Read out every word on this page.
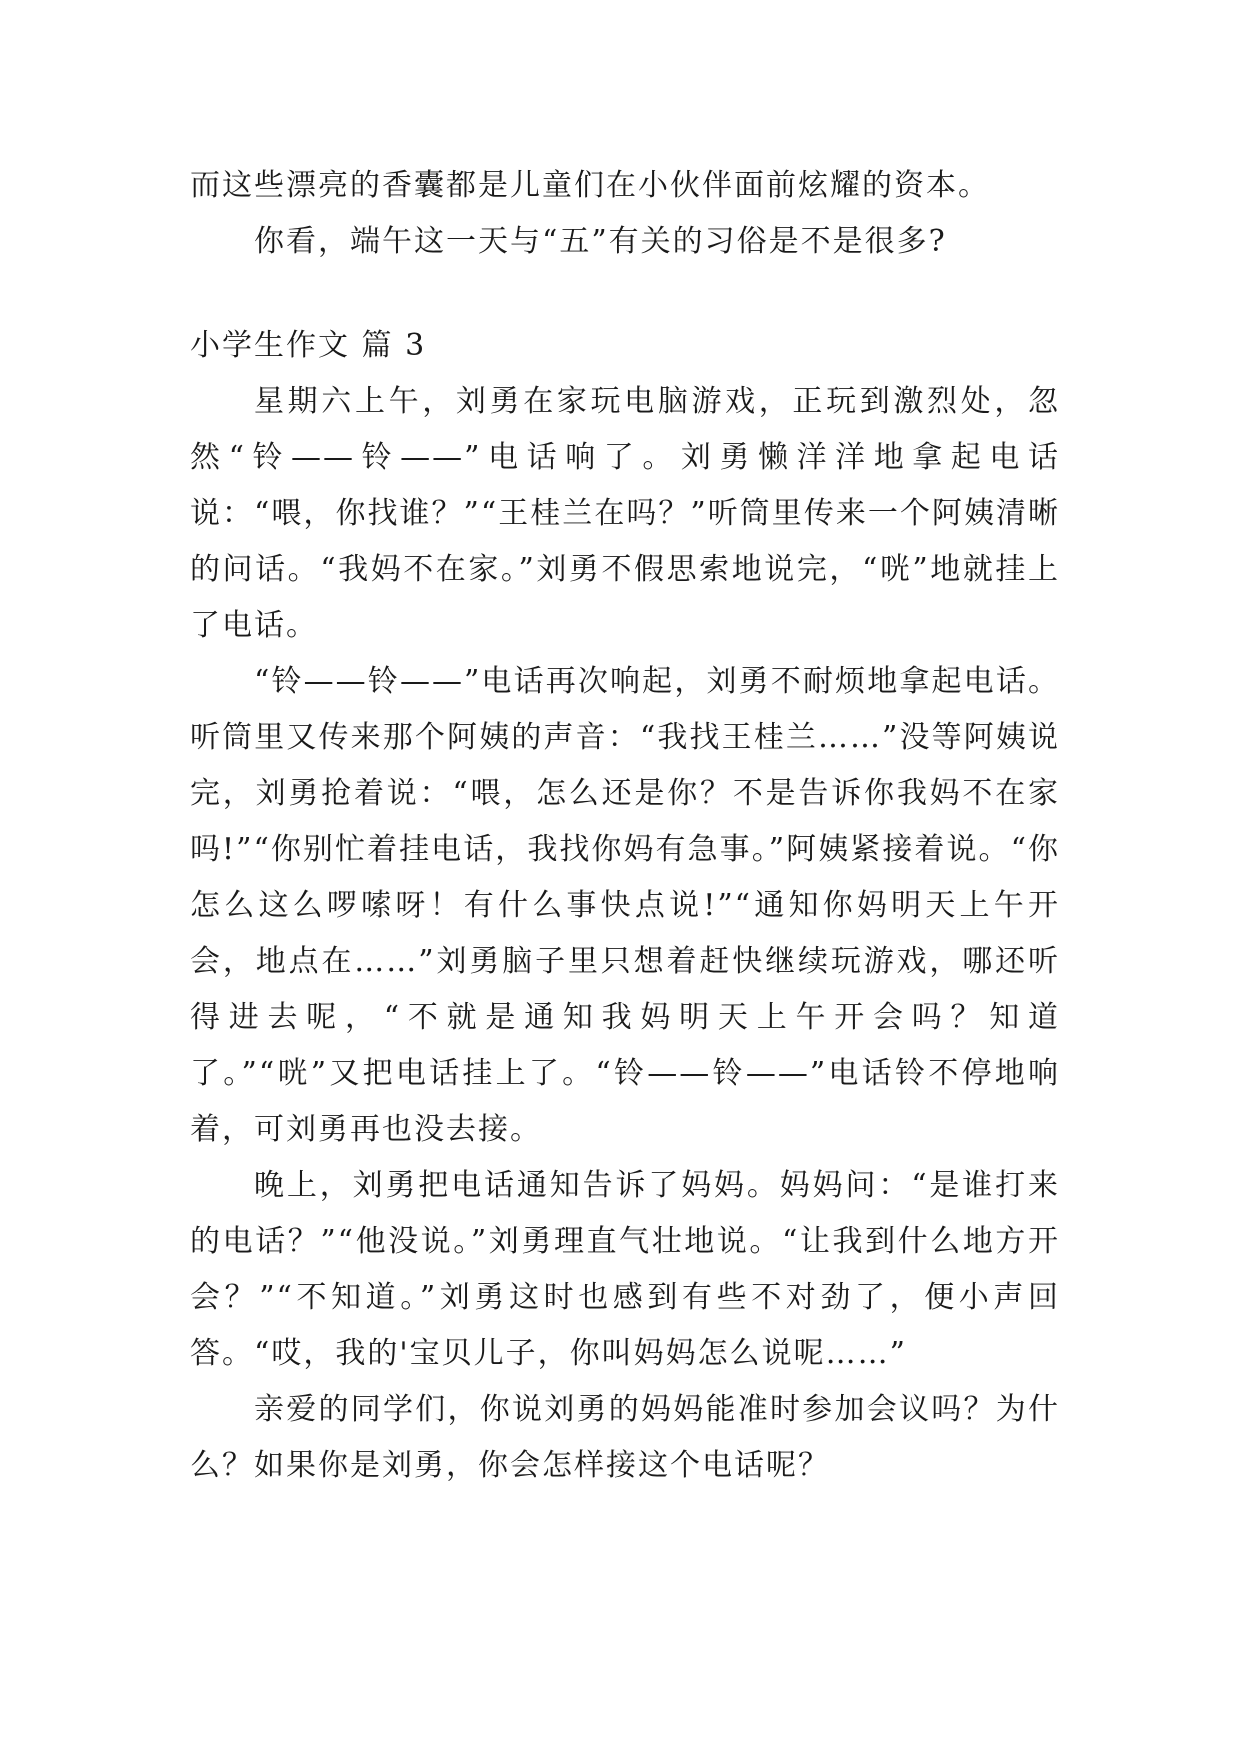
而这些漂亮的香囊都是儿童们在小伙伴面前炫耀的资本。

你看，端午这一天与“五”有关的习俗是不是很多?

小学生作文 篇 3

星期六上午，刘勇在家玩电脑游戏，正玩到激烈处，忽然“铃——铃——”电话响了。刘勇懒洋洋地拿起电话说：“喂，你找谁？”“王桂兰在吗？”听筒里传来一个阿姨清晰的问话。“我妈不在家。”刘勇不假思索地说完，“咣”地就挂上了电话。

“铃——铃——”电话再次响起，刘勇不耐烦地拿起电话。听筒里又传来那个阿姨的声音：“我找王桂兰……”没等阿姨说完，刘勇抢着说：“喂，怎么还是你？不是告诉你我妈不在家吗!”“你别忙着挂电话，我找你妈有急事。”阿姨紧接着说。“你怎么这么啰嗦呀！有什么事快点说!”“通知你妈明天上午开会，地点在……”刘勇脑子里只想着赶快继续玩游戏，哪还听得进去呢，“不就是通知我妈明天上午开会吗？知道了。”“咣”又把电话挂上了。“铃——铃——”电话铃不停地响着，可刘勇再也没去接。

晚上，刘勇把电话通知告诉了妈妈。妈妈问：“是谁打来的电话？”“他没说。”刘勇理直气壮地说。“让我到什么地方开会？”“不知道。”刘勇这时也感到有些不对劲了，便小声回答。“哎，我的'宝贝儿子，你叫妈妈怎么说呢……”

亲爱的同学们，你说刘勇的妈妈能准时参加会议吗？为什么？如果你是刘勇，你会怎样接这个电话呢？
